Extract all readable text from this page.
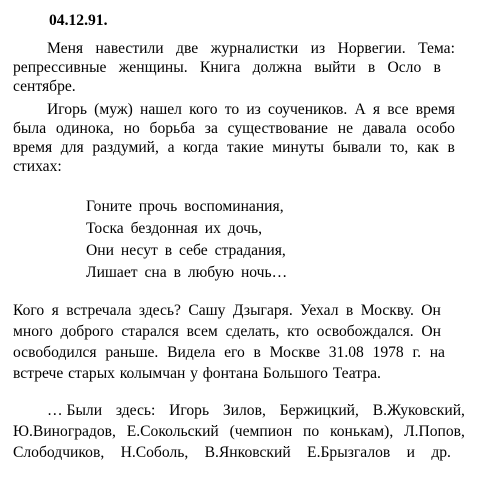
04.12.91.
Меня навестили две журналистки из Норвегии. Тема:
репрессивные женщины. Книга должна выйти в Осло в
сентябре.
Игорь (муж) нашел кого то из соучеников. А я все время
была одинока, но борьба за существование не давала особо
время для раздумий, а когда такие минуты бывали то, как в
стихах:
Гоните прочь воспоминания,
Тоска бездонная их дочь,
Они несут в себе страдания,
Лишает сна в любую ночь…
Кого я встречала здесь? Сашу Дзыгаря. Уехал в Москву. Он
много доброго старался всем сделать, кто освобождался. Он
освободился раньше. Видела его в Москве 31.08 1978 г. на
встрече старых колымчан у фонтана Большого Театра.
… Были здесь: Игорь Зилов, Бержицкий, В.Жуковский,
Ю.Виноградов, Е.Сокольский (чемпион по конькам), Л.Попов,
Слободчиков, Н.Соболь, В.Янковский Е.Брызгалов и др.
